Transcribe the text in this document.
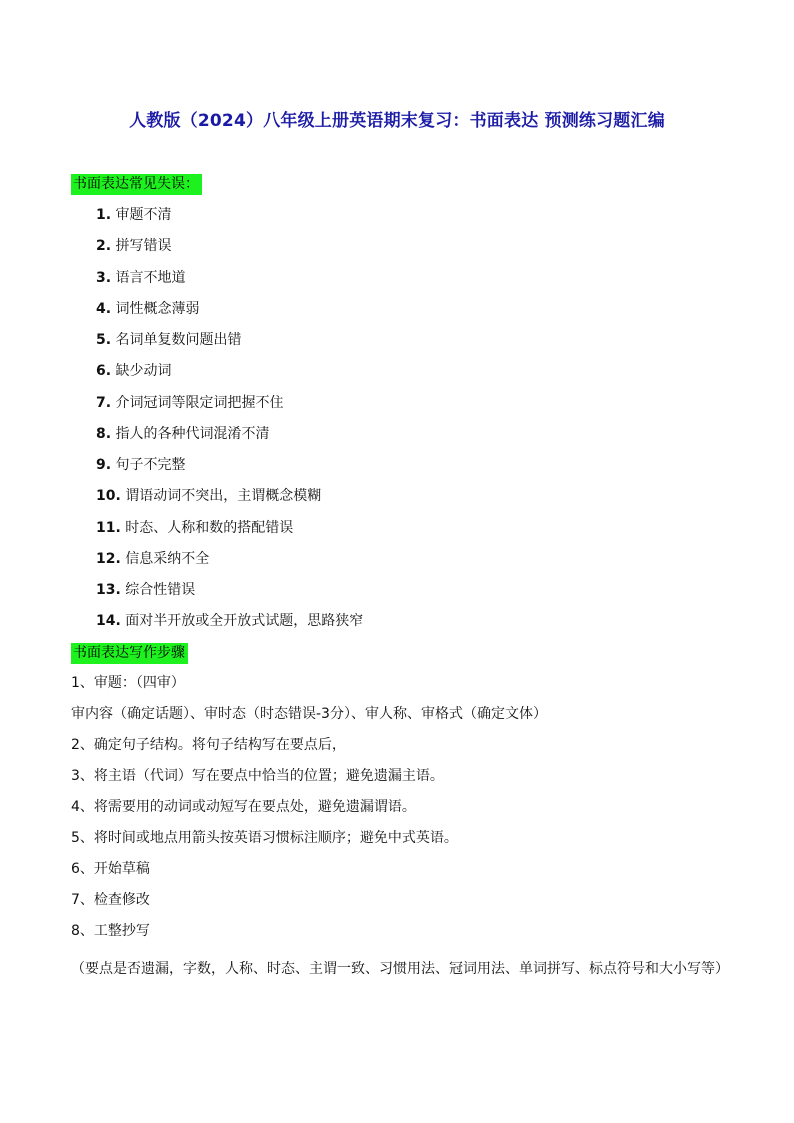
人教版（2024）八年级上册英语期末复习：书面表达 预测练习题汇编
书面表达常见失误：
1. 审题不清
2. 拼写错误
3. 语言不地道
4. 词性概念薄弱
5. 名词单复数问题出错
6. 缺少动词
7. 介词冠词等限定词把握不住
8. 指人的各种代词混淆不清
9. 句子不完整
10. 谓语动词不突出，主谓概念模糊
11. 时态、人称和数的搭配错误
12. 信息采纳不全
13. 综合性错误
14. 面对半开放或全开放式试题，思路狭窄
书面表达写作步骤
1、审题：（四审）
审内容（确定话题）、审时态（时态错误-3分）、审人称、审格式（确定文体）
2、确定句子结构。将句子结构写在要点后，
3、将主语（代词）写在要点中恰当的位置；避免遗漏主语。
4、将需要用的动词或动短写在要点处，避免遗漏谓语。
5、将时间或地点用箭头按英语习惯标注顺序；避免中式英语。
6、开始草稿
7、检查修改
8、工整抄写
（要点是否遗漏，字数，人称、时态、主谓一致、习惯用法、冠词用法、单词拼写、标点符号和大小写等）
